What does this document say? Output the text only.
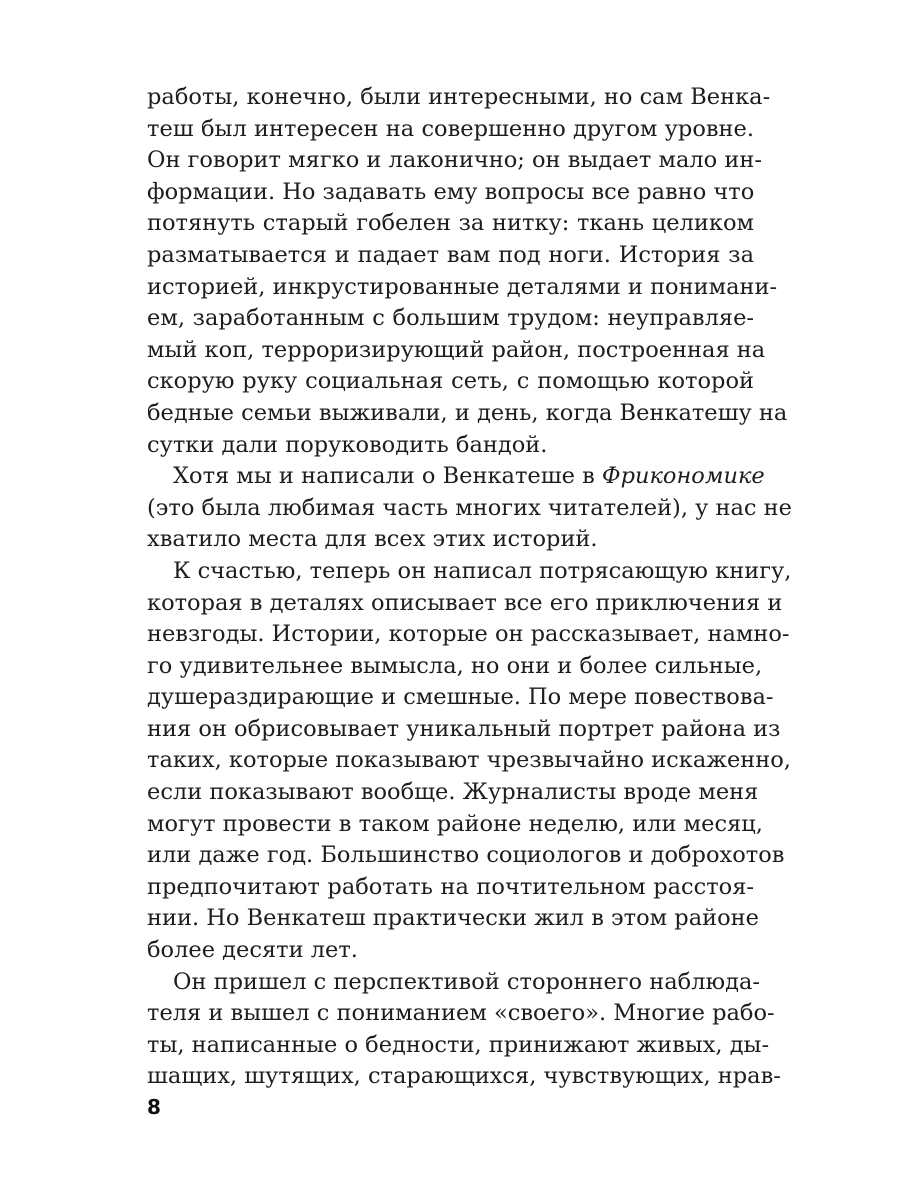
работы, конечно, были интересными, но сам Венка-
теш был интересен на совершенно другом уровне.
Он говорит мягко и лаконично; он выдает мало ин-
формации. Но задавать ему вопросы все равно что
потянуть старый гобелен за нитку: ткань целиком
разматывается и падает вам под ноги. История за
историей, инкрустированные деталями и понимани-
ем, заработанным с большим трудом: неуправляе-
мый коп, терроризирующий район, построенная на
скорую руку социальная сеть, с помощью которой
бедные семьи выживали, и день, когда Венкатешу на
сутки дали поруководить бандой.
Хотя мы и написали о Венкатеше в Фрикономике
(это была любимая часть многих читателей), у нас не
хватило места для всех этих историй.
К счастью, теперь он написал потрясающую книгу,
которая в деталях описывает все его приключения и
невзгоды. Истории, которые он рассказывает, намно-
го удивительнее вымысла, но они и более сильные,
душераздирающие и смешные. По мере повествова-
ния он обрисовывает уникальный портрет района из
таких, которые показывают чрезвычайно искаженно,
если показывают вообще. Журналисты вроде меня
могут провести в таком районе неделю, или месяц,
или даже год. Большинство социологов и доброхотов
предпочитают работать на почтительном расстоя-
нии. Но Венкатеш практически жил в этом районе
более десяти лет.
Он пришел с перспективой стороннего наблюда-
теля и вышел с пониманием «своего». Многие рабо-
ты, написанные о бедности, принижают живых, ды-
шащих, шутящих, старающихся, чувствующих, нрав-
8
